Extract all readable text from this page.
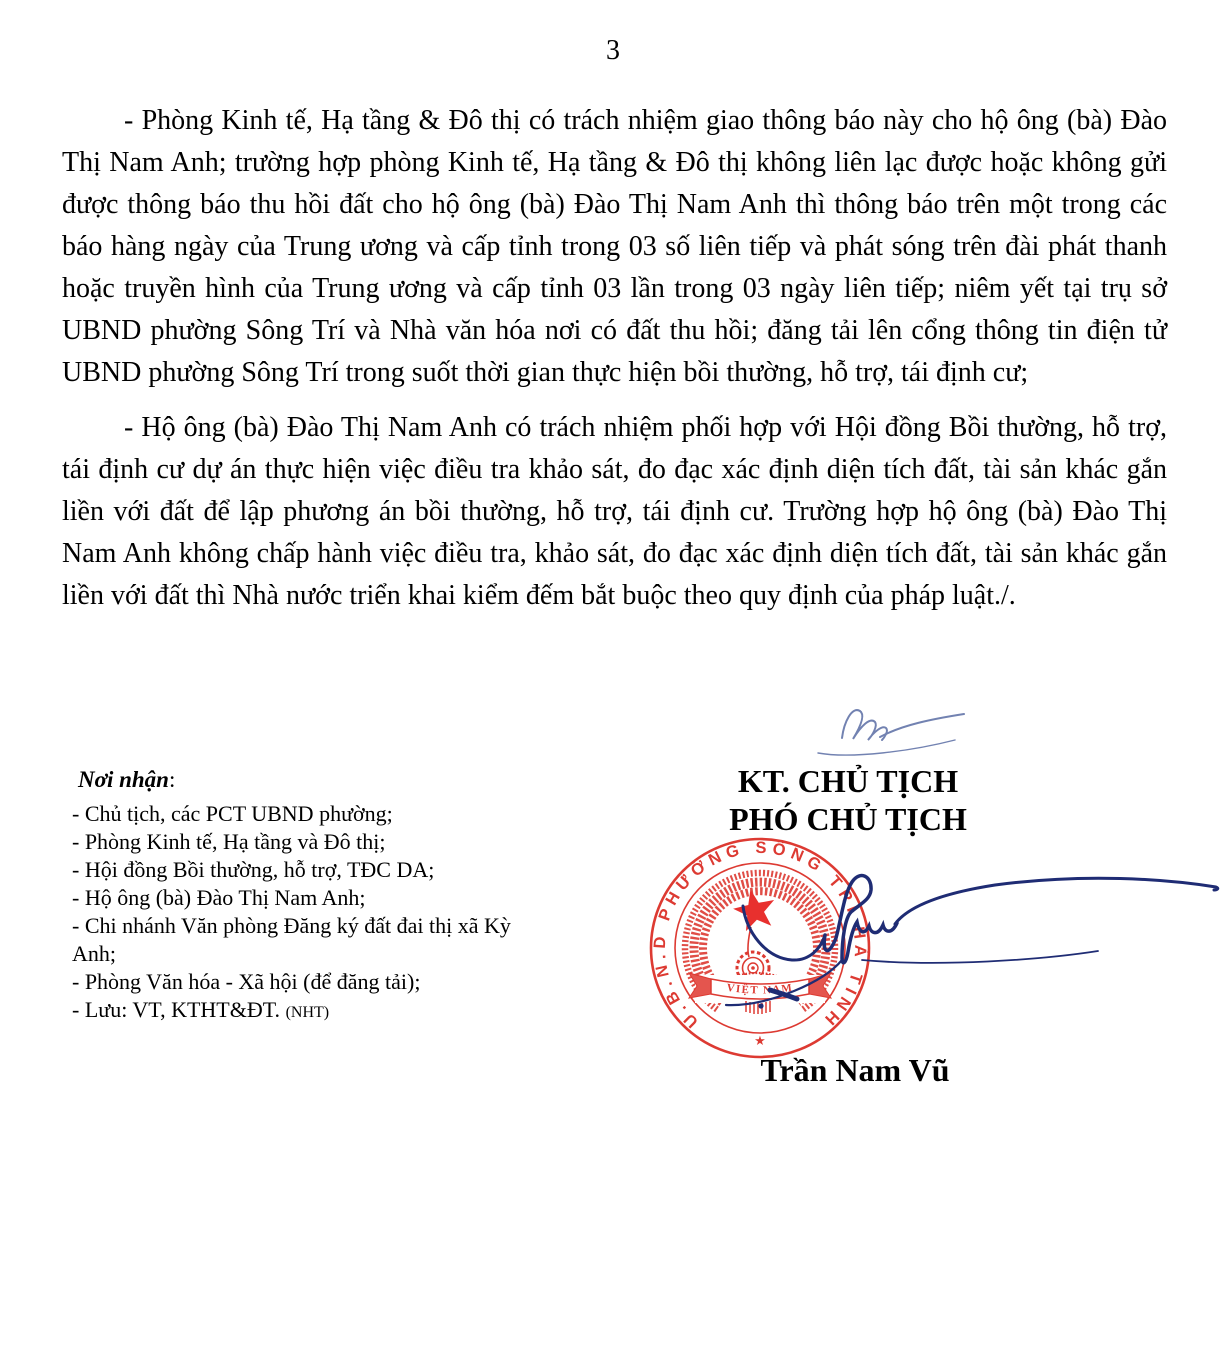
3

- Phòng Kinh tế, Hạ tầng & Đô thị có trách nhiệm giao thông báo này cho hộ ông (bà) Đào Thị Nam Anh; trường hợp phòng Kinh tế, Hạ tầng & Đô thị không liên lạc được hoặc không gửi được thông báo thu hồi đất cho hộ ông (bà) Đào Thị Nam Anh thì thông báo trên một trong các báo hàng ngày của Trung ương và cấp tỉnh trong 03 số liên tiếp và phát sóng trên đài phát thanh hoặc truyền hình của Trung ương và cấp tỉnh 03 lần trong 03 ngày liên tiếp; niêm yết tại trụ sở UBND phường Sông Trí và Nhà văn hóa nơi có đất thu hồi; đăng tải lên cổng thông tin điện tử UBND phường Sông Trí trong suốt thời gian thực hiện bồi thường, hỗ trợ, tái định cư;

- Hộ ông (bà) Đào Thị Nam Anh có trách nhiệm phối hợp với Hội đồng Bồi thường, hỗ trợ, tái định cư dự án thực hiện việc điều tra khảo sát, đo đạc xác định diện tích đất, tài sản khác gắn liền với đất để lập phương án bồi thường, hỗ trợ, tái định cư. Trường hợp hộ ông (bà) Đào Thị Nam Anh không chấp hành việc điều tra, khảo sát, đo đạc xác định diện tích đất, tài sản khác gắn liền với đất thì Nhà nước triển khai kiểm đếm bắt buộc theo quy định của pháp luật./.

Nơi nhận:
- Chủ tịch, các PCT UBND phường;
- Phòng Kinh tế, Hạ tầng và Đô thị;
- Hội đồng Bồi thường, hỗ trợ, TĐC DA;
- Hộ ông (bà) Đào Thị Nam Anh;
- Chi nhánh Văn phòng Đăng ký đất đai thị xã Kỳ Anh;
- Phòng Văn hóa - Xã hội (để đăng tải);
- Lưu: VT, KTHT&ĐT. (NHT)
KT. CHỦ TỊCH
PHÓ CHỦ TỊCH
VIỆT NAM
U.B.N.D PHƯỜNG SÔNG TRÍ HÀ TĨNH
★
Trần Nam Vũ
